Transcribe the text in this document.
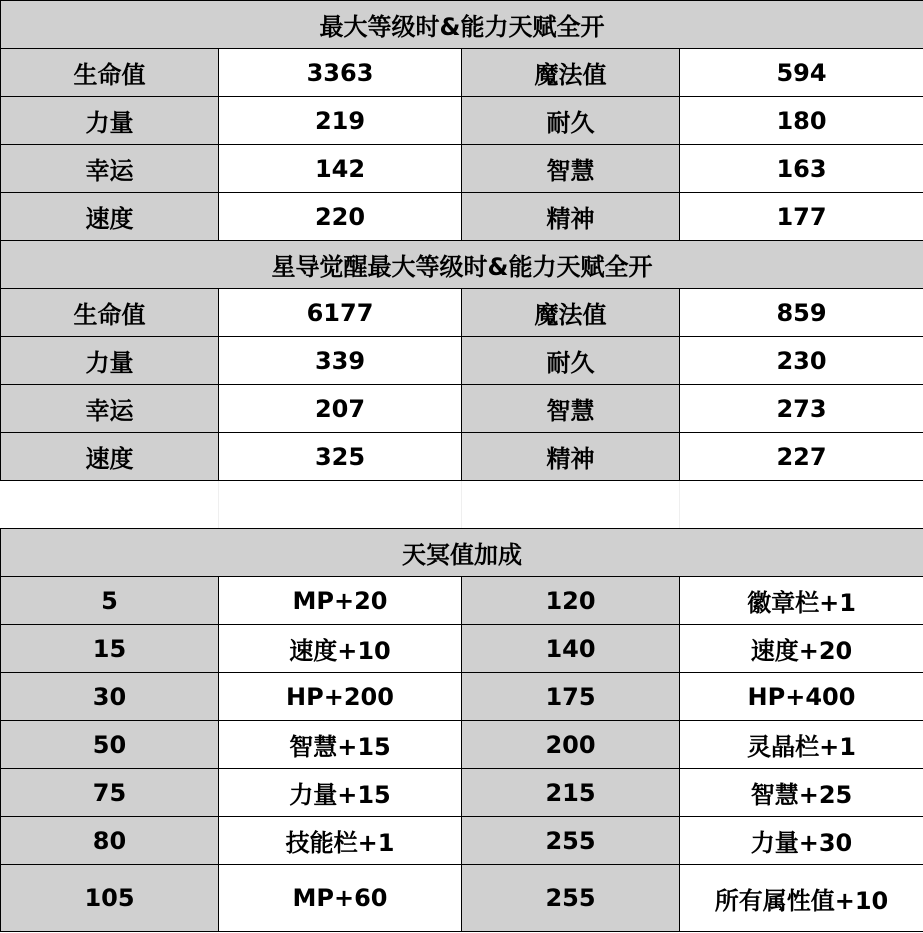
最大等级时&能力天赋全开			
生命值	3363	魔法值	594
力量	219	耐久	180
幸运	142	智慧	163
速度	220	精神	177
星导觉醒最大等级时&能力天赋全开			
生命值	6177	魔法值	859
力量	339	耐久	230
幸运	207	智慧	273
速度	325	精神	227
天冥值加成			
5	MP+20	120	徽章栏+1
15	速度+10	140	速度+20
30	HP+200	175	HP+400
50	智慧+15	200	灵晶栏+1
75	力量+15	215	智慧+25
80	技能栏+1	255	力量+30
105	MP+60	255	所有属性值+10
